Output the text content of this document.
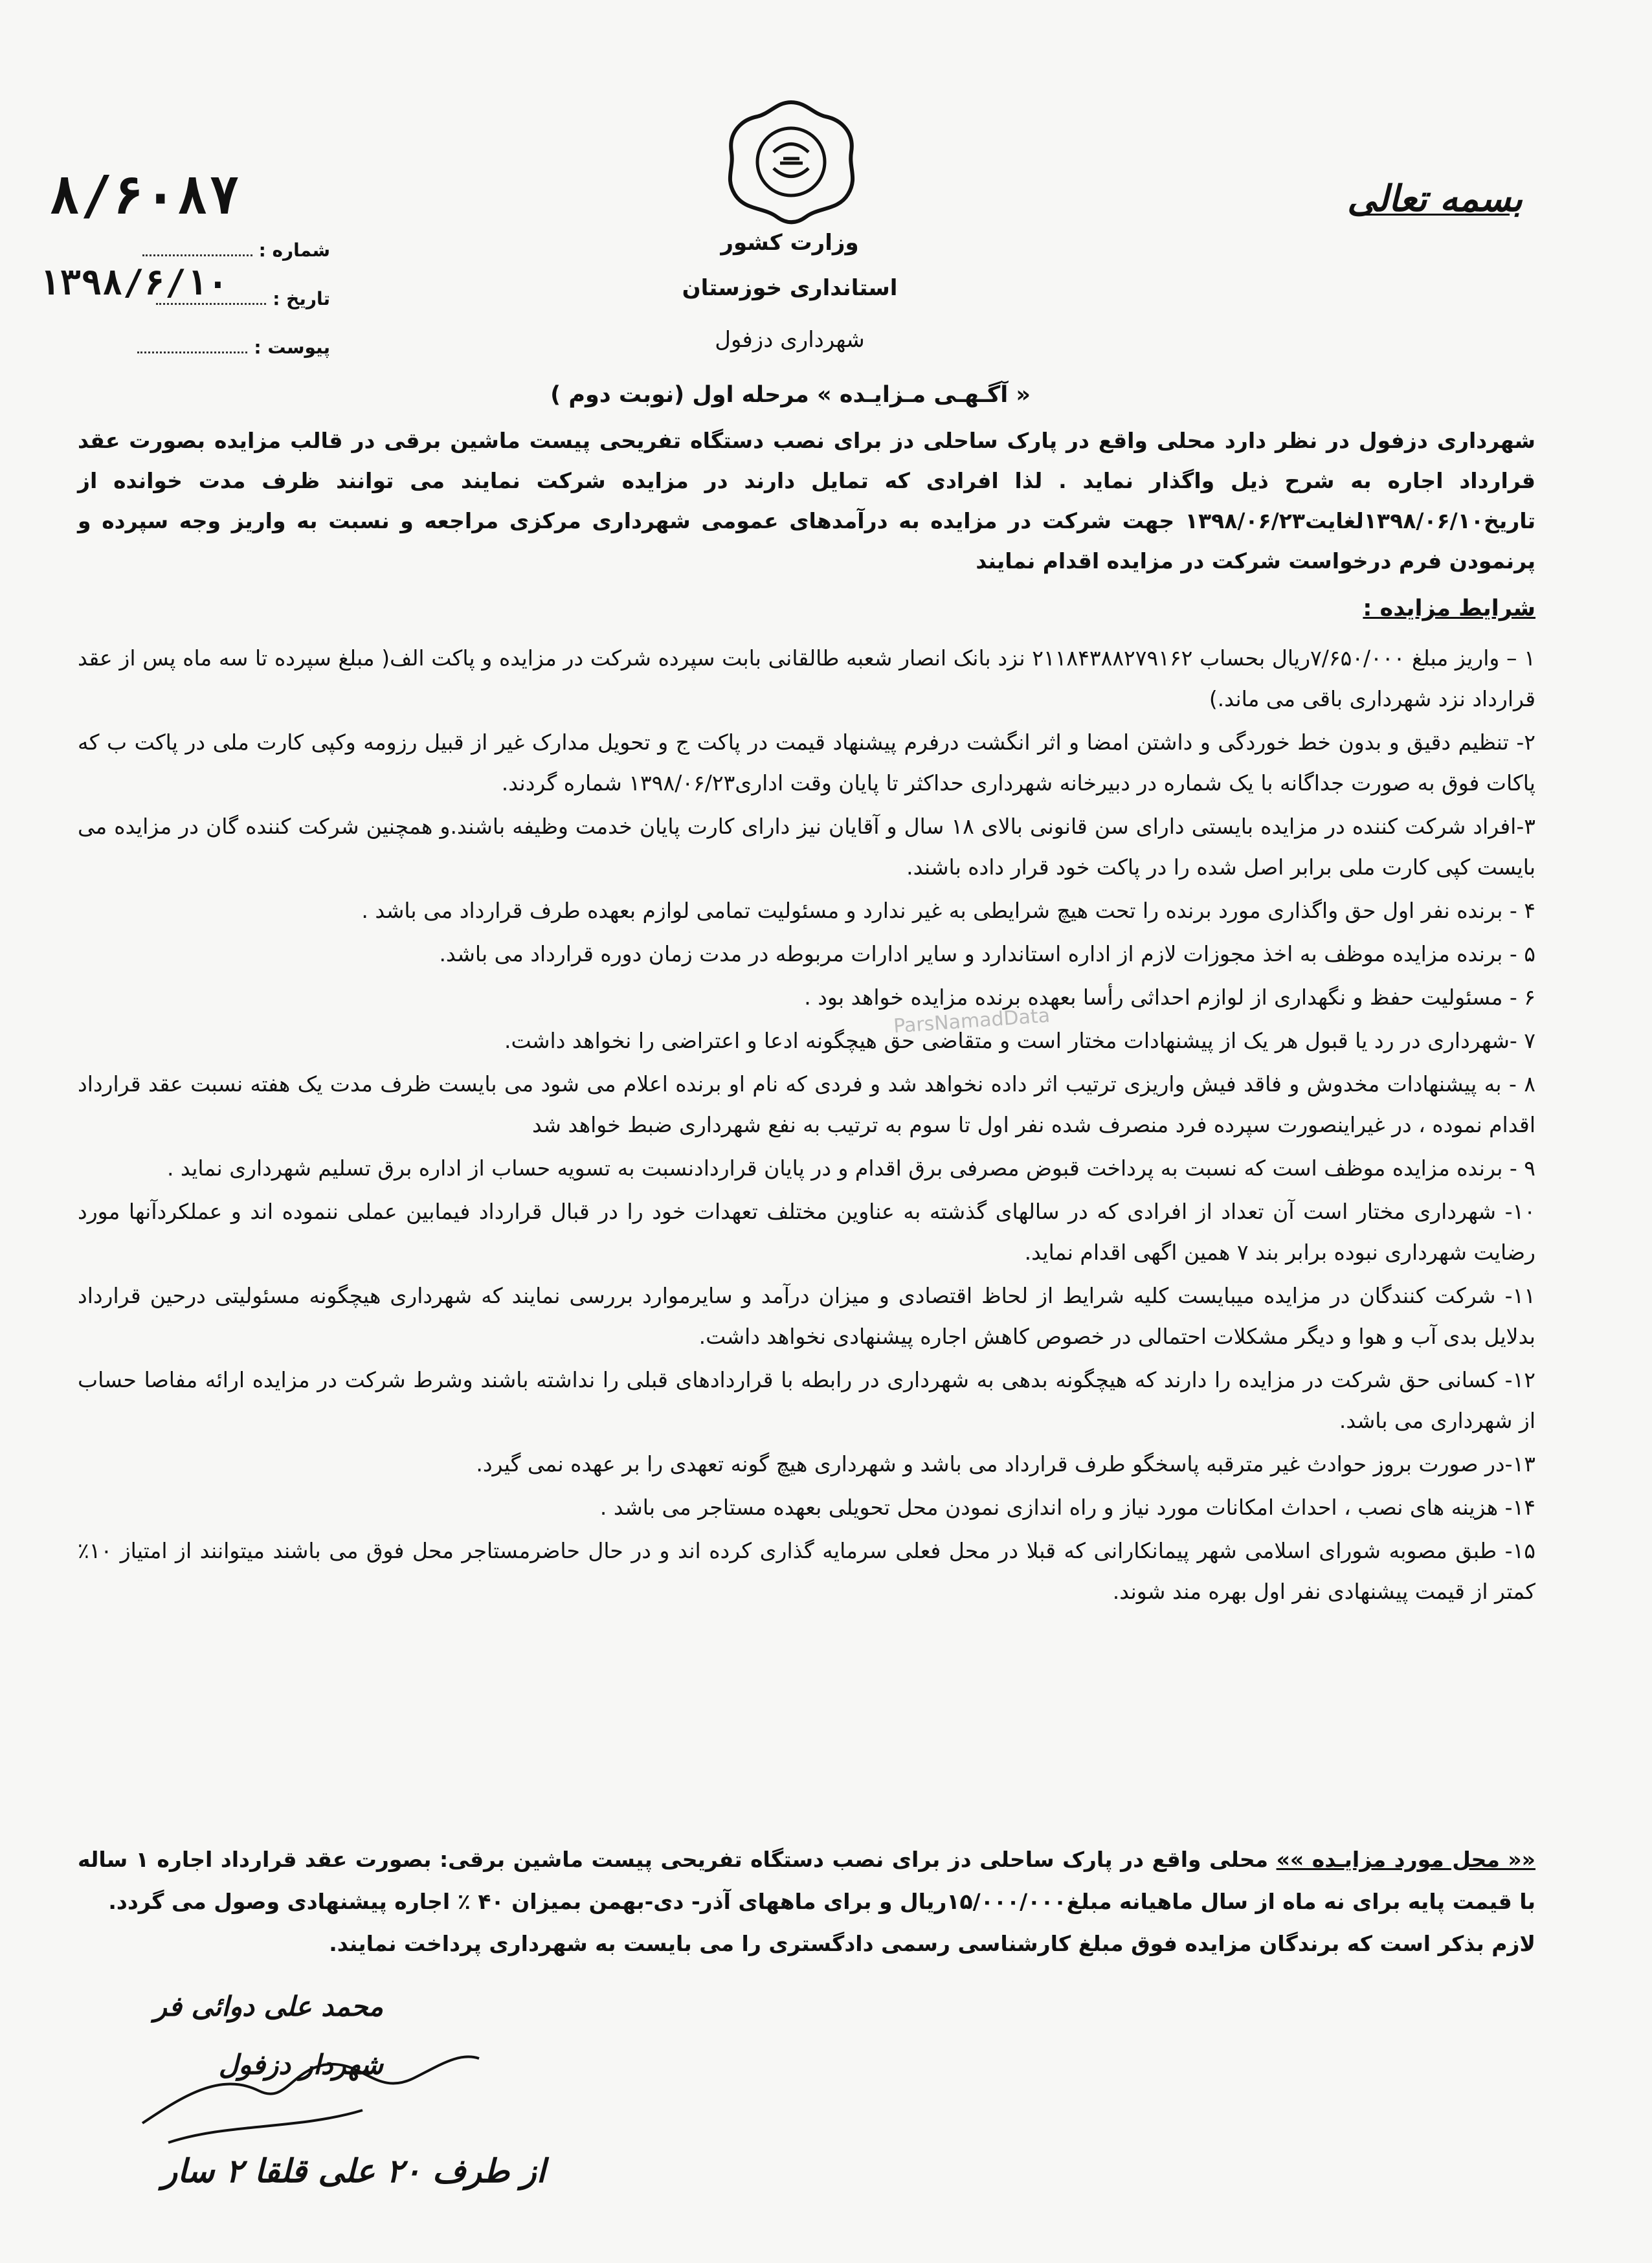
وزارت کشور
استانداری خوزستان
شهرداری دزفول
بسمه تعالی
۸/۶۰۸۷
شماره :
تاریخ :
پیوست :
۱۳۹۸/۶/۱۰
« آگـهـی مـزایـده » مرحله اول (نوبت دوم )
شهرداری دزفول در نظر دارد محلی واقع در پارک ساحلی دز برای نصب دستگاه تفریحی پیست ماشین برقی در قالب مزایده بصورت عقد قرارداد اجاره به شرح ذیل واگذار نماید . لذا افرادی که تمایل دارند در مزایده شرکت نمایند می توانند ظرف مدت خوانده از تاریخ۱۳۹۸/۰۶/۱۰لغایت۱۳۹۸/۰۶/۲۳ جهت شرکت در مزایده به درآمدهای عمومی شهرداری مرکزی مراجعه و نسبت به واریز وجه سپرده و پرنمودن فرم درخواست شرکت در مزایده اقدام نمایند
شرایط مزایده :

۱ – واریز مبلغ ۷/۶۵۰/۰۰۰ریال بحساب ۲۱۱۸۴۳۸۸۲۷۹۱۶۲ نزد بانک انصار شعبه طالقانی بابت سپرده شرکت در مزایده و پاکت الف( مبلغ سپرده تا سه ماه پس از عقد قرارداد نزد شهرداری باقی می ماند.)

۲- تنظیم دقیق و بدون خط خوردگی و داشتن امضا و اثر انگشت درفرم پیشنهاد قیمت در پاکت ج و تحویل مدارک غیر از قبیل رزومه وکپی کارت ملی در پاکت ب که پاکات فوق به صورت جداگانه با یک شماره در دبیرخانه شهرداری حداکثر تا پایان وقت اداری۱۳۹۸/۰۶/۲۳ شماره گردند.

۳-افراد شرکت کننده در مزایده بایستی دارای سن قانونی بالای ۱۸ سال و آقایان نیز دارای کارت پایان خدمت وظیفه باشند.و همچنین شرکت کننده گان در مزایده می بایست کپی کارت ملی برابر اصل شده را در پاکت خود قرار داده باشند.

۴ - برنده نفر اول حق واگذاری مورد برنده را تحت هیچ شرایطی به غیر ندارد و مسئولیت تمامی لوازم بعهده طرف قرارداد می باشد .

۵ - برنده مزایده موظف به اخذ مجوزات لازم از اداره استاندارد و سایر ادارات مربوطه در مدت زمان دوره قرارداد می باشد.

۶ - مسئولیت حفظ و نگهداری از لوازم احداثی رأسا بعهده برنده مزایده خواهد بود .

۷ -شهرداری در رد یا قبول هر یک از پیشنهادات مختار است و متقاضی حق هیچگونه ادعا و اعتراضی را نخواهد داشت.

۸ - به پیشنهادات مخدوش و فاقد فیش واریزی ترتیب اثر داده نخواهد شد و فردی که نام او برنده اعلام می شود می بایست ظرف مدت یک هفته نسبت عقد قرارداد اقدام نموده ، در غیراینصورت سپرده فرد منصرف شده نفر اول تا سوم به ترتیب به نفع شهرداری ضبط خواهد شد

۹ - برنده مزایده موظف است که نسبت به پرداخت قبوض مصرفی برق اقدام و در پایان قراردادنسبت به تسویه حساب از اداره برق تسلیم شهرداری نماید .

۱۰- شهرداری مختار است آن تعداد از افرادی که در سالهای گذشته به عناوین مختلف تعهدات خود را در قبال قرارداد فیمابین عملی ننموده اند و عملکردآنها مورد رضایت شهرداری نبوده برابر بند ۷ همین اگهی اقدام نماید.

۱۱- شرکت کنندگان در مزایده میبایست کلیه شرایط از لحاظ اقتصادی و میزان درآمد و سایرموارد بررسی نمایند که شهرداری هیچگونه مسئولیتی درحین قرارداد بدلایل بدی آب و هوا و دیگر مشکلات احتمالی در خصوص کاهش اجاره پیشنهادی نخواهد داشت.

۱۲- کسانی حق شرکت در مزایده را دارند که هیچگونه بدهی به شهرداری در رابطه با قراردادهای قبلی را نداشته باشند وشرط شرکت در مزایده ارائه مفاصا حساب از شهرداری می باشد.

۱۳-در صورت بروز حوادث غیر مترقبه پاسخگو طرف قرارداد می باشد و شهرداری هیچ گونه تعهدی را بر عهده نمی گیرد.

۱۴- هزینه های نصب ، احداث امکانات مورد نیاز و راه اندازی نمودن محل تحویلی بعهده مستاجر می باشد .

۱۵- طبق مصوبه شورای اسلامی شهر پیمانکارانی که قبلا در محل فعلی سرمایه گذاری کرده اند و در حال حاضرمستاجر محل فوق می باشند میتوانند از امتیاز ۱۰٪ کمتر از قیمت پیشنهادی نفر اول بهره مند شوند.

«« محل مورد مزایـده »» محلی واقع در پارک ساحلی دز برای نصب دستگاه تفریحی پیست ماشین برقی: بصورت عقد قرارداد اجاره ۱ ساله با قیمت پایه برای نه ماه از سال ماهیانه مبلغ۱۵/۰۰۰/۰۰۰ریال و برای ماههای آذر- دی-بهمن بمیزان ۴۰ ٪ اجاره پیشنهادی وصول می گردد.
لازم بذکر است که برندگان مزایده فوق مبلغ کارشناسی رسمی دادگستری را می بایست به شهرداری پرداخت نمایند.
ParsNamadData
محمد علی دوائی فر
شهردار دزفول
از طرف ۲۰ علی قلقا ۲ سار
